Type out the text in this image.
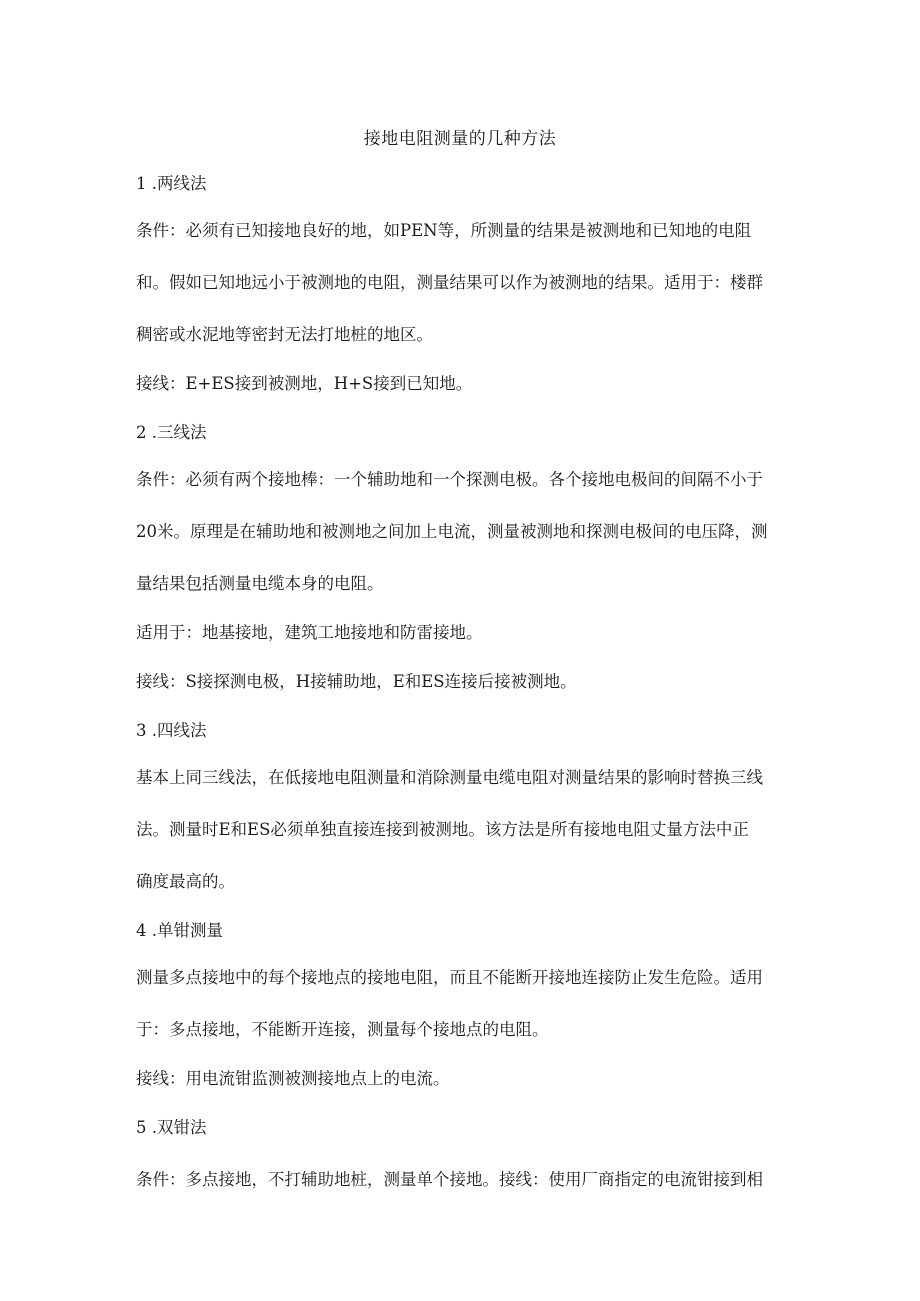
接地电阻测量的几种方法

1 .两线法

条件：必须有已知接地良好的地，如PEN等，所测量的结果是被测地和已知地的电阻

和。假如已知地远小于被测地的电阻，测量结果可以作为被测地的结果。适用于：楼群

稠密或水泥地等密封无法打地桩的地区。

接线：E+ES接到被测地，H+S接到已知地。

2 .三线法

条件：必须有两个接地棒：一个辅助地和一个探测电极。各个接地电极间的间隔不小于

20米。原理是在辅助地和被测地之间加上电流，测量被测地和探测电极间的电压降，测

量结果包括测量电缆本身的电阻。

适用于：地基接地，建筑工地接地和防雷接地。

接线：S接探测电极，H接辅助地，E和ES连接后接被测地。

3 .四线法

基本上同三线法，在低接地电阻测量和消除测量电缆电阻对测量结果的影响时替换三线

法。测量时E和ES必须单独直接连接到被测地。该方法是所有接地电阻丈量方法中正

确度最高的。

4 .单钳测量

测量多点接地中的每个接地点的接地电阻，而且不能断开接地连接防止发生危险。适用

于：多点接地，不能断开连接，测量每个接地点的电阻。

接线：用电流钳监测被测接地点上的电流。

5 .双钳法

条件：多点接地，不打辅助地桩，测量单个接地。接线：使用厂商指定的电流钳接到相
